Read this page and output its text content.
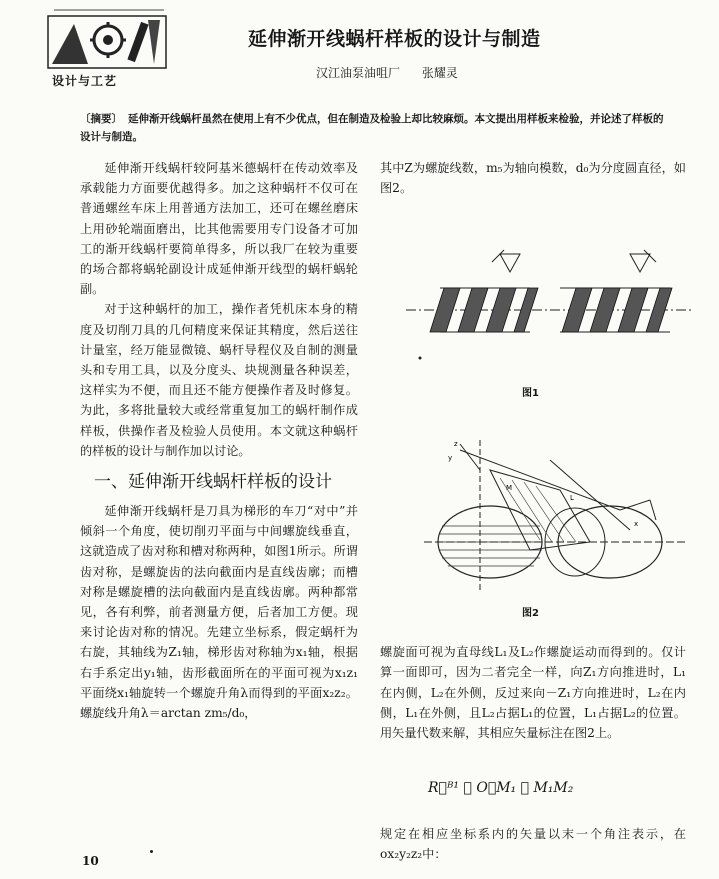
设计与工艺
延伸渐开线蜗杆样板的设计与制造
汉江油泵油咀厂 张耀灵
〔摘要〕 延伸渐开线蜗杆虽然在使用上有不少优点，但在制造及检验上却比较麻烦。本文提出用样板来检验，并论述了样板的设计与制造。

延伸渐开线蜗杆较阿基米德蜗杆在传动效率及承载能力方面要优越得多。加之这种蜗杆不仅可在普通螺丝车床上用普通方法加工，还可在螺丝磨床上用砂轮端面磨出，比其他需要用专门设备才可加工的渐开线蜗杆要简单得多，所以我厂在较为重要的场合都将蜗轮副设计成延伸渐开线型的蜗杆蜗轮副。

对于这种蜗杆的加工，操作者凭机床本身的精度及切削刀具的几何精度来保证其精度，然后送往计量室，经万能显微镜、蜗杆导程仪及自制的测量头和专用工具，以及分度头、块规测量各种误差，这样实为不便，而且还不能方便操作者及时修复。为此，多将批量较大或经常重复加工的蜗杆制作成样板，供操作者及检验人员使用。本文就这种蜗杆的样板的设计与制作加以讨论。

一、延伸渐开线蜗杆样板的设计

延伸渐开线蜗杆是刀具为梯形的车刀“对中”并倾斜一个角度，使切削刃平面与中间螺旋线垂直，这就造成了齿对称和槽对称两种，如图1所示。所谓齿对称，是螺旋齿的法向截面内是直线齿廓；而槽对称是螺旋槽的法向截面内是直线齿廓。两种都常见，各有利弊，前者测量方便，后者加工方便。现来讨论齿对称的情况。先建立坐标系，假定蜗杆为右旋，其轴线为Z₁轴，梯形齿对称轴为x₁轴，根据右手系定出y₁轴，齿形截面所在的平面可视为x₁z₁平面绕x₁轴旋转一个螺旋升角λ而得到的平面x₂z₂。螺旋线升角λ＝arctan zm₅/d₀，

其中Z为螺旋线数，m₅为轴向模数，d₀为分度圆直径，如图2。

图1
z
y
M
L
x
图2

螺旋面可视为直母线L₁及L₂作螺旋运动而得到的。仅计算一面即可，因为二者完全一样，向Z₁方向推进时，L₁在内侧，L₂在外侧，反过来向－Z₁方向推进时，L₂在内侧，L₁在外侧，且L₂占据L₁的位置，L₁占据L₂的位置。用矢量代数来解，其相应矢量标注在图2上。

R⃗ᴮ¹ ＝ O⃗M₁ ＋ M₁M₂

规定在相应坐标系内的矢量以末一个角注表示，在ox₂y₂z₂中：

10
